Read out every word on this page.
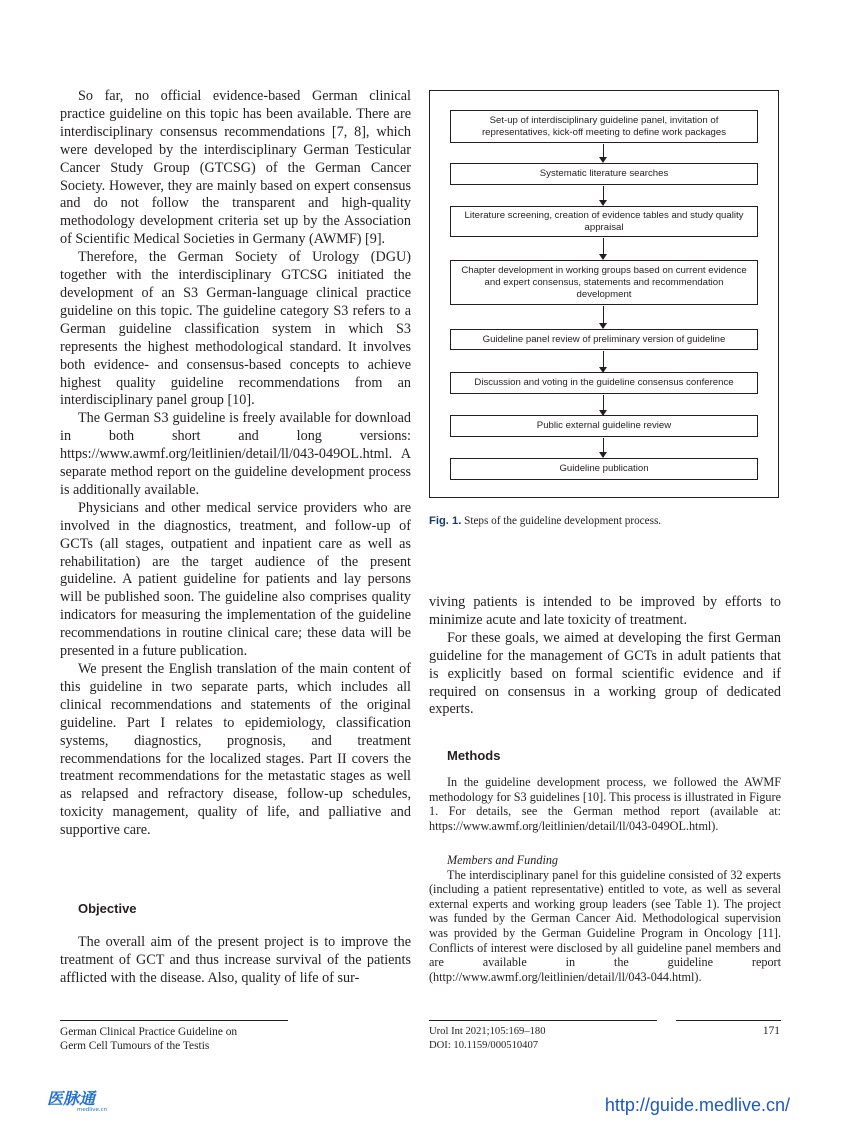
So far, no official evidence-based German clinical practice guideline on this topic has been available. There are interdisciplinary consensus recommendations [7, 8], which were developed by the interdisciplinary German Testicular Cancer Study Group (GTCSG) of the German Cancer Society. However, they are mainly based on expert consensus and do not follow the transparent and high-quality methodology development criteria set up by the Association of Scientific Medical Societies in Germany (AWMF) [9].

Therefore, the German Society of Urology (DGU) together with the interdisciplinary GTCSG initiated the development of an S3 German-language clinical practice guideline on this topic. The guideline category S3 refers to a German guideline classification system in which S3 represents the highest methodological standard. It involves both evidence- and consensus-based concepts to achieve highest quality guideline recommendations from an interdisciplinary panel group [10].

The German S3 guideline is freely available for download in both short and long versions: https://www.awmf.org/leitlinien/detail/ll/043-049OL.html. A separate method report on the guideline development process is additionally available.

Physicians and other medical service providers who are involved in the diagnostics, treatment, and follow-up of GCTs (all stages, outpatient and inpatient care as well as rehabilitation) are the target audience of the present guideline. A patient guideline for patients and lay persons will be published soon. The guideline also comprises quality indicators for measuring the implementation of the guideline recommendations in routine clinical care; these data will be presented in a future publication.

We present the English translation of the main content of this guideline in two separate parts, which includes all clinical recommendations and statements of the original guideline. Part I relates to epidemiology, classification systems, diagnostics, prognosis, and treatment recommendations for the localized stages. Part II covers the treatment recommendations for the metastatic stages as well as relapsed and refractory disease, follow-up schedules, toxicity management, quality of life, and palliative and supportive care.

Objective

The overall aim of the present project is to improve the treatment of GCT and thus increase survival of the patients afflicted with the disease. Also, quality of life of sur-

Set-up of interdisciplinary guideline panel, invitation of representatives, kick-off meeting to define work packages
Systematic literature searches
Literature screening, creation of evidence tables and study quality appraisal
Chapter development in working groups based on current evidence and expert consensus, statements and recommendation development
Guideline panel review of preliminary version of guideline
Discussion and voting in the guideline consensus conference
Public external guideline review
Guideline publication
Fig. 1. Steps of the guideline development process.

viving patients is intended to be improved by efforts to minimize acute and late toxicity of treatment.

For these goals, we aimed at developing the first German guideline for the management of GCTs in adult patients that is explicitly based on formal scientific evidence and if required on consensus in a working group of dedicated experts.

Methods

In the guideline development process, we followed the AWMF methodology for S3 guidelines [10]. This process is illustrated in Figure 1. For details, see the German method report (available at: https://www.awmf.org/leitlinien/detail/ll/043-049OL.html).

Members and Funding

The interdisciplinary panel for this guideline consisted of 32 experts (including a patient representative) entitled to vote, as well as several external experts and working group leaders (see Table 1). The project was funded by the German Cancer Aid. Methodological supervision was provided by the German Guideline Program in Oncology [11]. Conflicts of interest were disclosed by all guideline panel members and are available in the guideline report (http://www.awmf.org/leitlinien/detail/ll/043-044.html).

German Clinical Practice Guideline on
Germ Cell Tumours of the Testis
Urol Int 2021;105:169–180
DOI: 10.1159/000510407
171
医脉通
medlive.cn	http://guide.medlive.cn/
